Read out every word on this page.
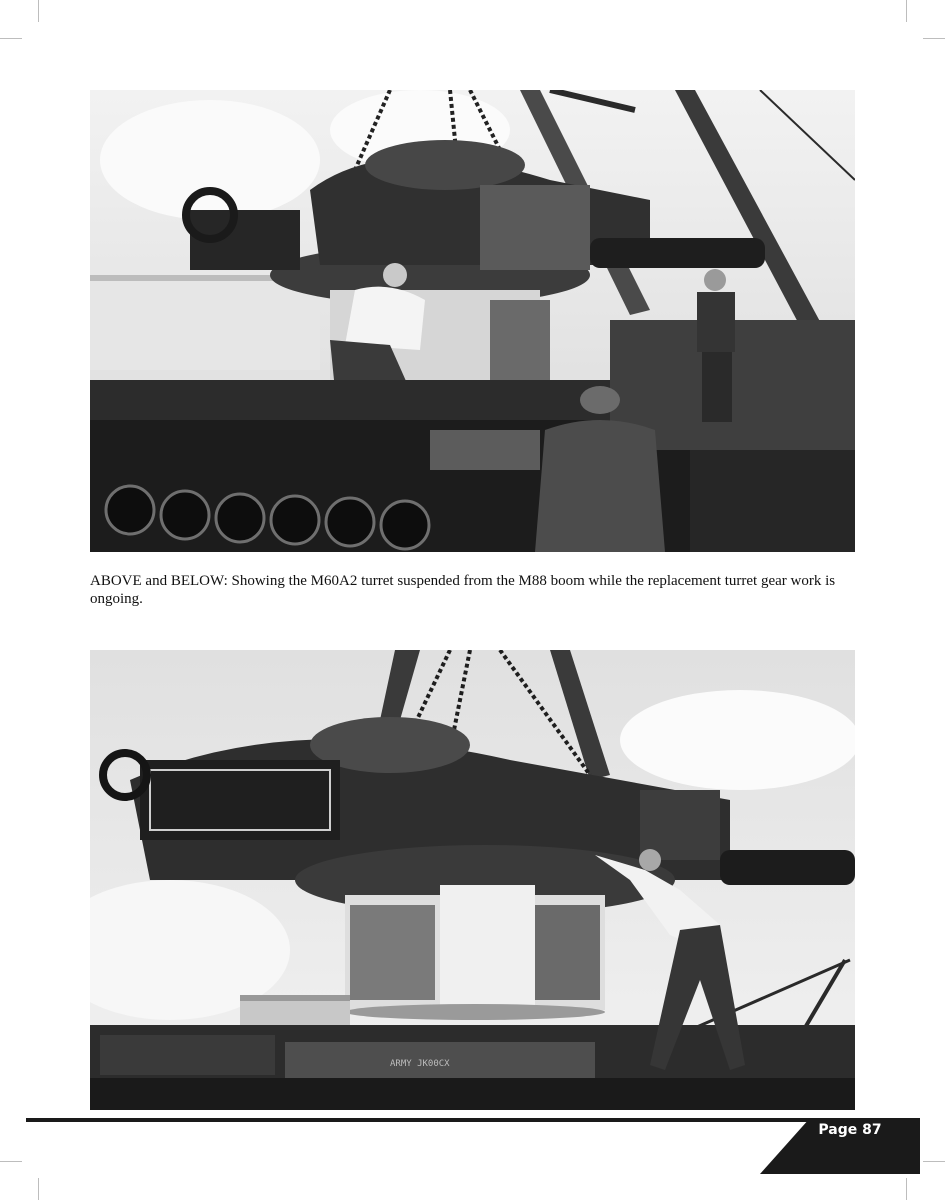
ABOVE and BELOW: Showing the M60A2 turret suspended from the M88 boom while the replacement turret gear work is ongoing.
ARMY JK00CX
Page 87
